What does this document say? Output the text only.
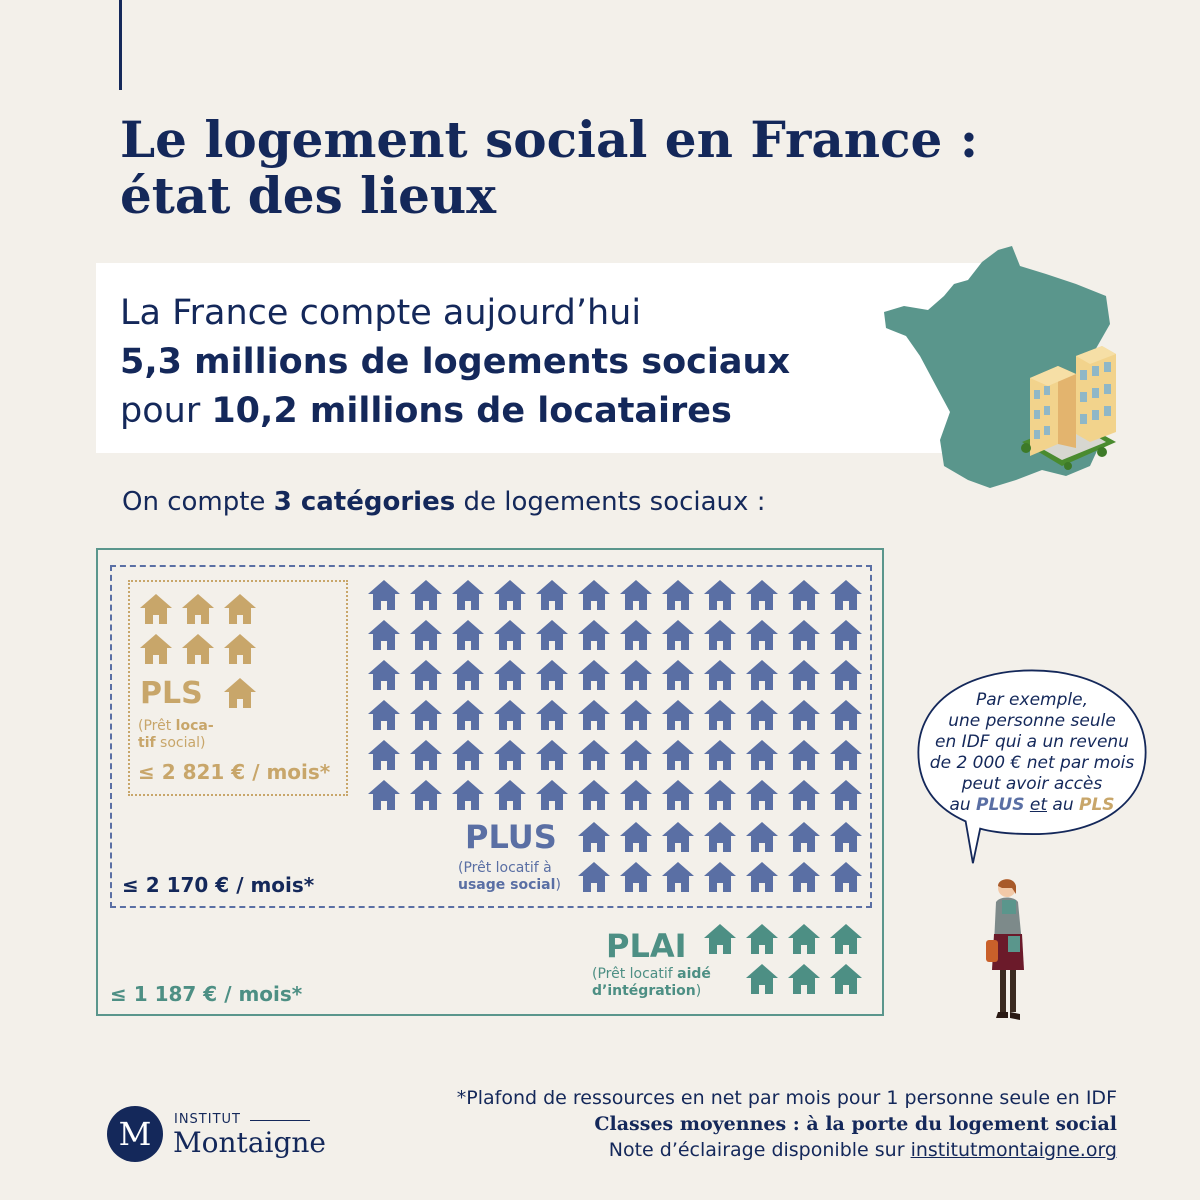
Le logement social en France :
état des lieux
La France compte aujourd’hui
5,3 millions de logements sociaux
pour 10,2 millions de locataires
On compte 3 catégories de logements sociaux :
PLS
(Prêt loca-
tif social)
≤ 2 821 € / mois*
PLUS
(Prêt locatif à
usage social)
≤ 2 170 € / mois*
PLAI
(Prêt locatif aidé
d’intégration)
≤ 1 187 € / mois*
Par exemple,
une personne seule
en IDF qui a un revenu
de 2 000 € net par mois
peut avoir accès
au PLUS et au PLS
*Plafond de ressources en net par mois pour 1 personne seule en IDF
Classes moyennes : à la porte du logement social
Note d’éclairage disponible sur institutmontaigne.org
M	INSTITUT
Montaigne
